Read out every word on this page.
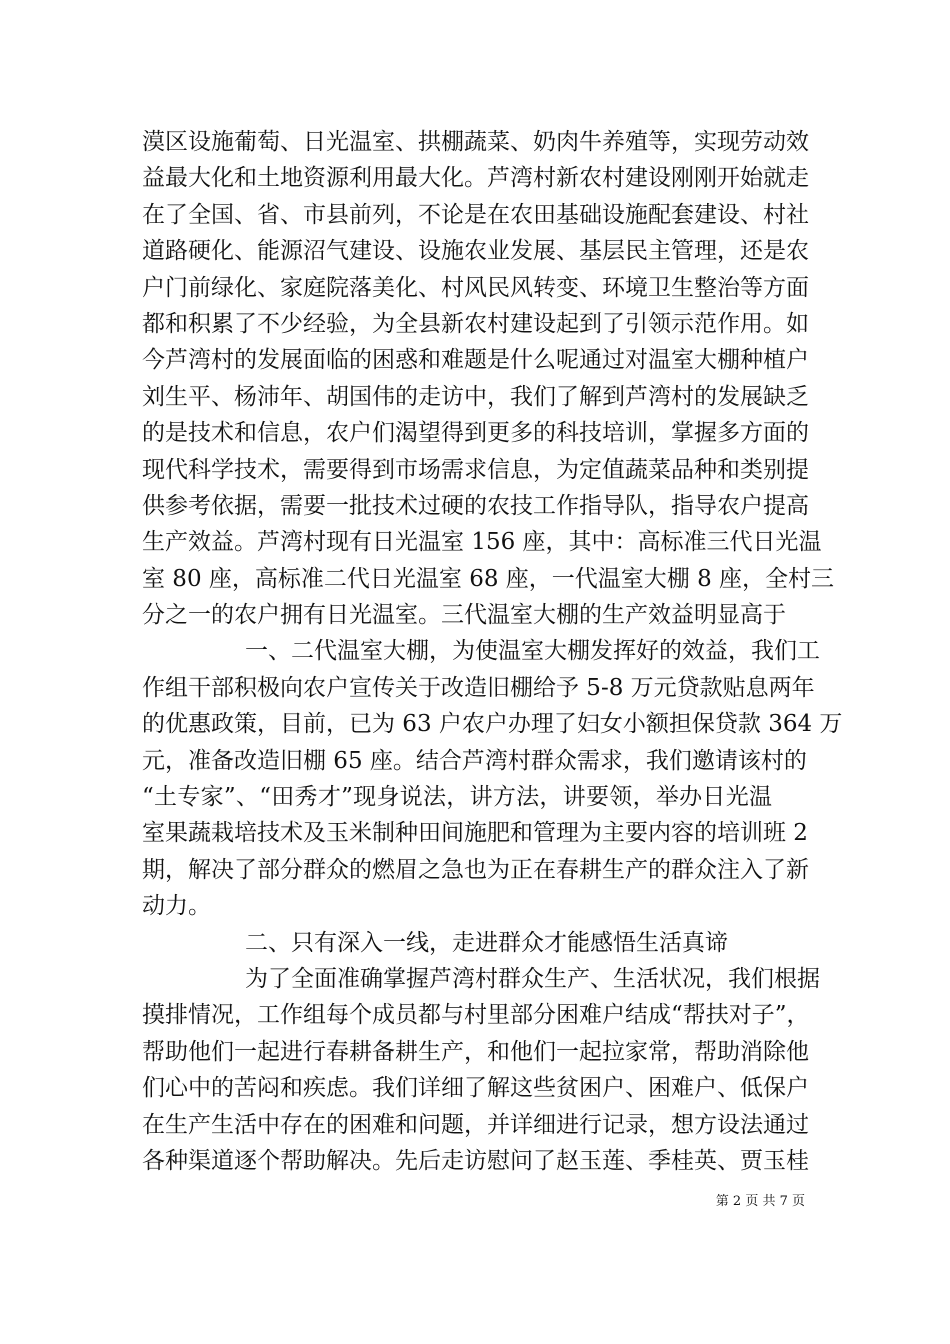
漠区设施葡萄、日光温室、拱棚蔬菜、奶肉牛养殖等，实现劳动效
益最大化和土地资源利用最大化。芦湾村新农村建设刚刚开始就走
在了全国、省、市县前列，不论是在农田基础设施配套建设、村社
道路硬化、能源沼气建设、设施农业发展、基层民主管理，还是农
户门前绿化、家庭院落美化、村风民风转变、环境卫生整治等方面
都和积累了不少经验，为全县新农村建设起到了引领示范作用。如
今芦湾村的发展面临的困惑和难题是什么呢通过对温室大棚种植户
刘生平、杨沛年、胡国伟的走访中，我们了解到芦湾村的发展缺乏
的是技术和信息，农户们渴望得到更多的科技培训，掌握多方面的
现代科学技术，需要得到市场需求信息，为定值蔬菜品种和类别提
供参考依据，需要一批技术过硬的农技工作指导队，指导农户提高
生产效益。芦湾村现有日光温室 156 座，其中：高标准三代日光温
室 80 座，高标准二代日光温室 68 座，一代温室大棚 8 座，全村三
分之一的农户拥有日光温室。三代温室大棚的生产效益明显高于
一、二代温室大棚，为使温室大棚发挥好的效益，我们工
作组干部积极向农户宣传关于改造旧棚给予 5-8 万元贷款贴息两年
的优惠政策，目前，已为 63 户农户办理了妇女小额担保贷款 364 万
元，准备改造旧棚 65 座。结合芦湾村群众需求，我们邀请该村的
“土专家”、“田秀才”现身说法，讲方法，讲要领，举办日光温
室果蔬栽培技术及玉米制种田间施肥和管理为主要内容的培训班 2
期，解决了部分群众的燃眉之急也为正在春耕生产的群众注入了新
动力。
二、只有深入一线，走进群众才能感悟生活真谛
为了全面准确掌握芦湾村群众生产、生活状况，我们根据
摸排情况，工作组每个成员都与村里部分困难户结成“帮扶对子”，
帮助他们一起进行春耕备耕生产，和他们一起拉家常，帮助消除他
们心中的苦闷和疾虑。我们详细了解这些贫困户、困难户、低保户
在生产生活中存在的困难和问题，并详细进行记录，想方设法通过
各种渠道逐个帮助解决。先后走访慰问了赵玉莲、季桂英、贾玉桂
第 2 页 共 7 页
